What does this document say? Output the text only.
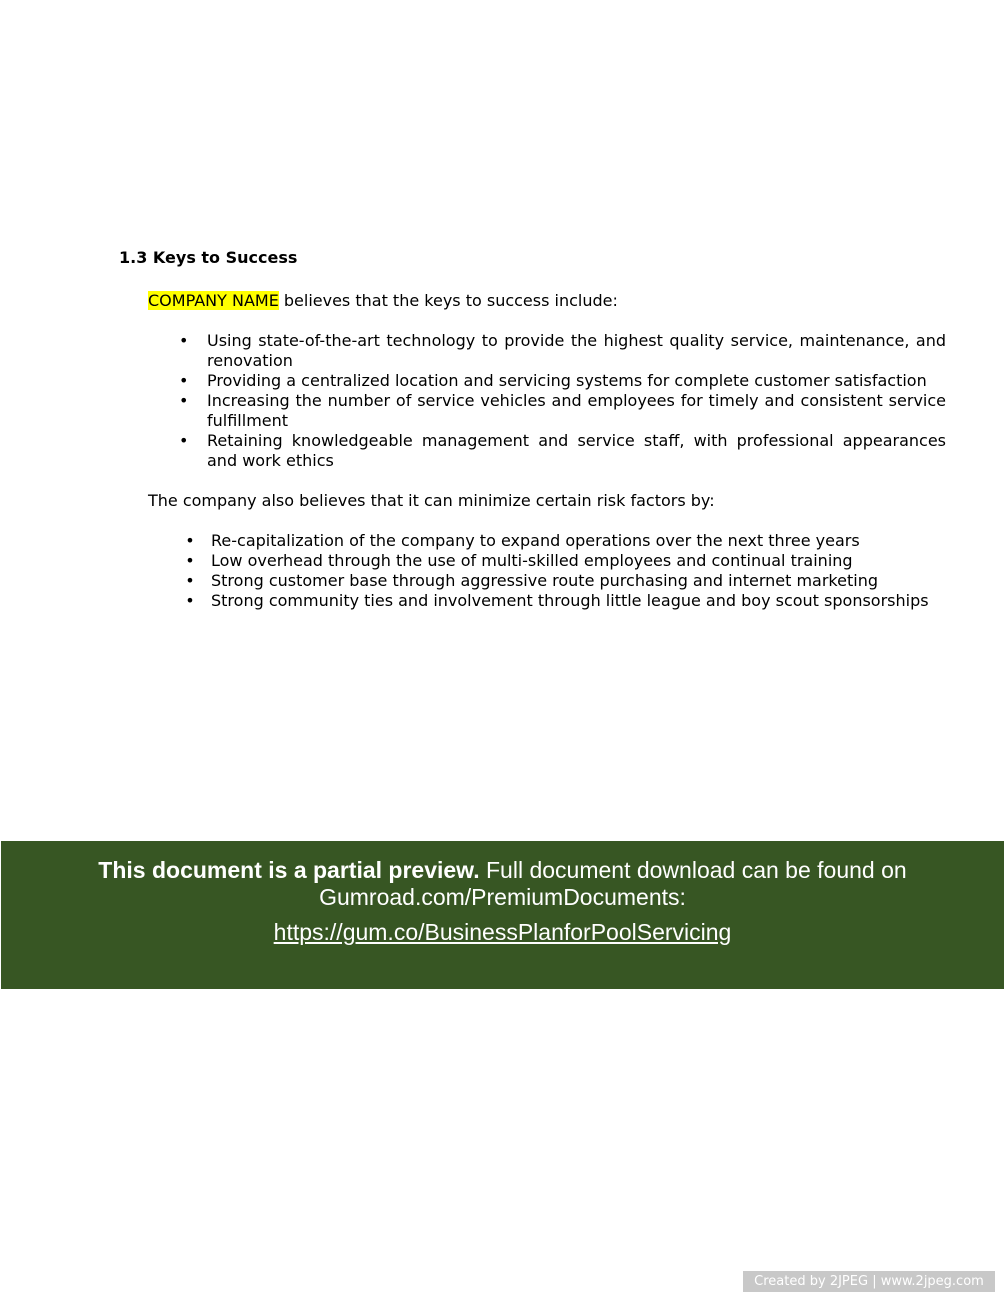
1.3 Keys to Success

COMPANY NAME believes that the keys to success include:

• Using state-of-the-art technology to provide the highest quality service, maintenance, and renovation
• Providing a centralized location and servicing systems for complete customer satisfaction
• Increasing the number of service vehicles and employees for timely and consistent service fulfillment
• Retaining knowledgeable management and service staff, with professional appearances and work ethics

The company also believes that it can minimize certain risk factors by:

• Re-capitalization of the company to expand operations over the next three years
• Low overhead through the use of multi-skilled employees and continual training
• Strong customer base through aggressive route purchasing and internet marketing
• Strong community ties and involvement through little league and boy scout sponsorships
This document is a partial preview. Full document download can be found on Gumroad.com/PremiumDocuments:
https://gum.co/BusinessPlanforPoolServicing
Created by 2JPEG | www.2jpeg.com
